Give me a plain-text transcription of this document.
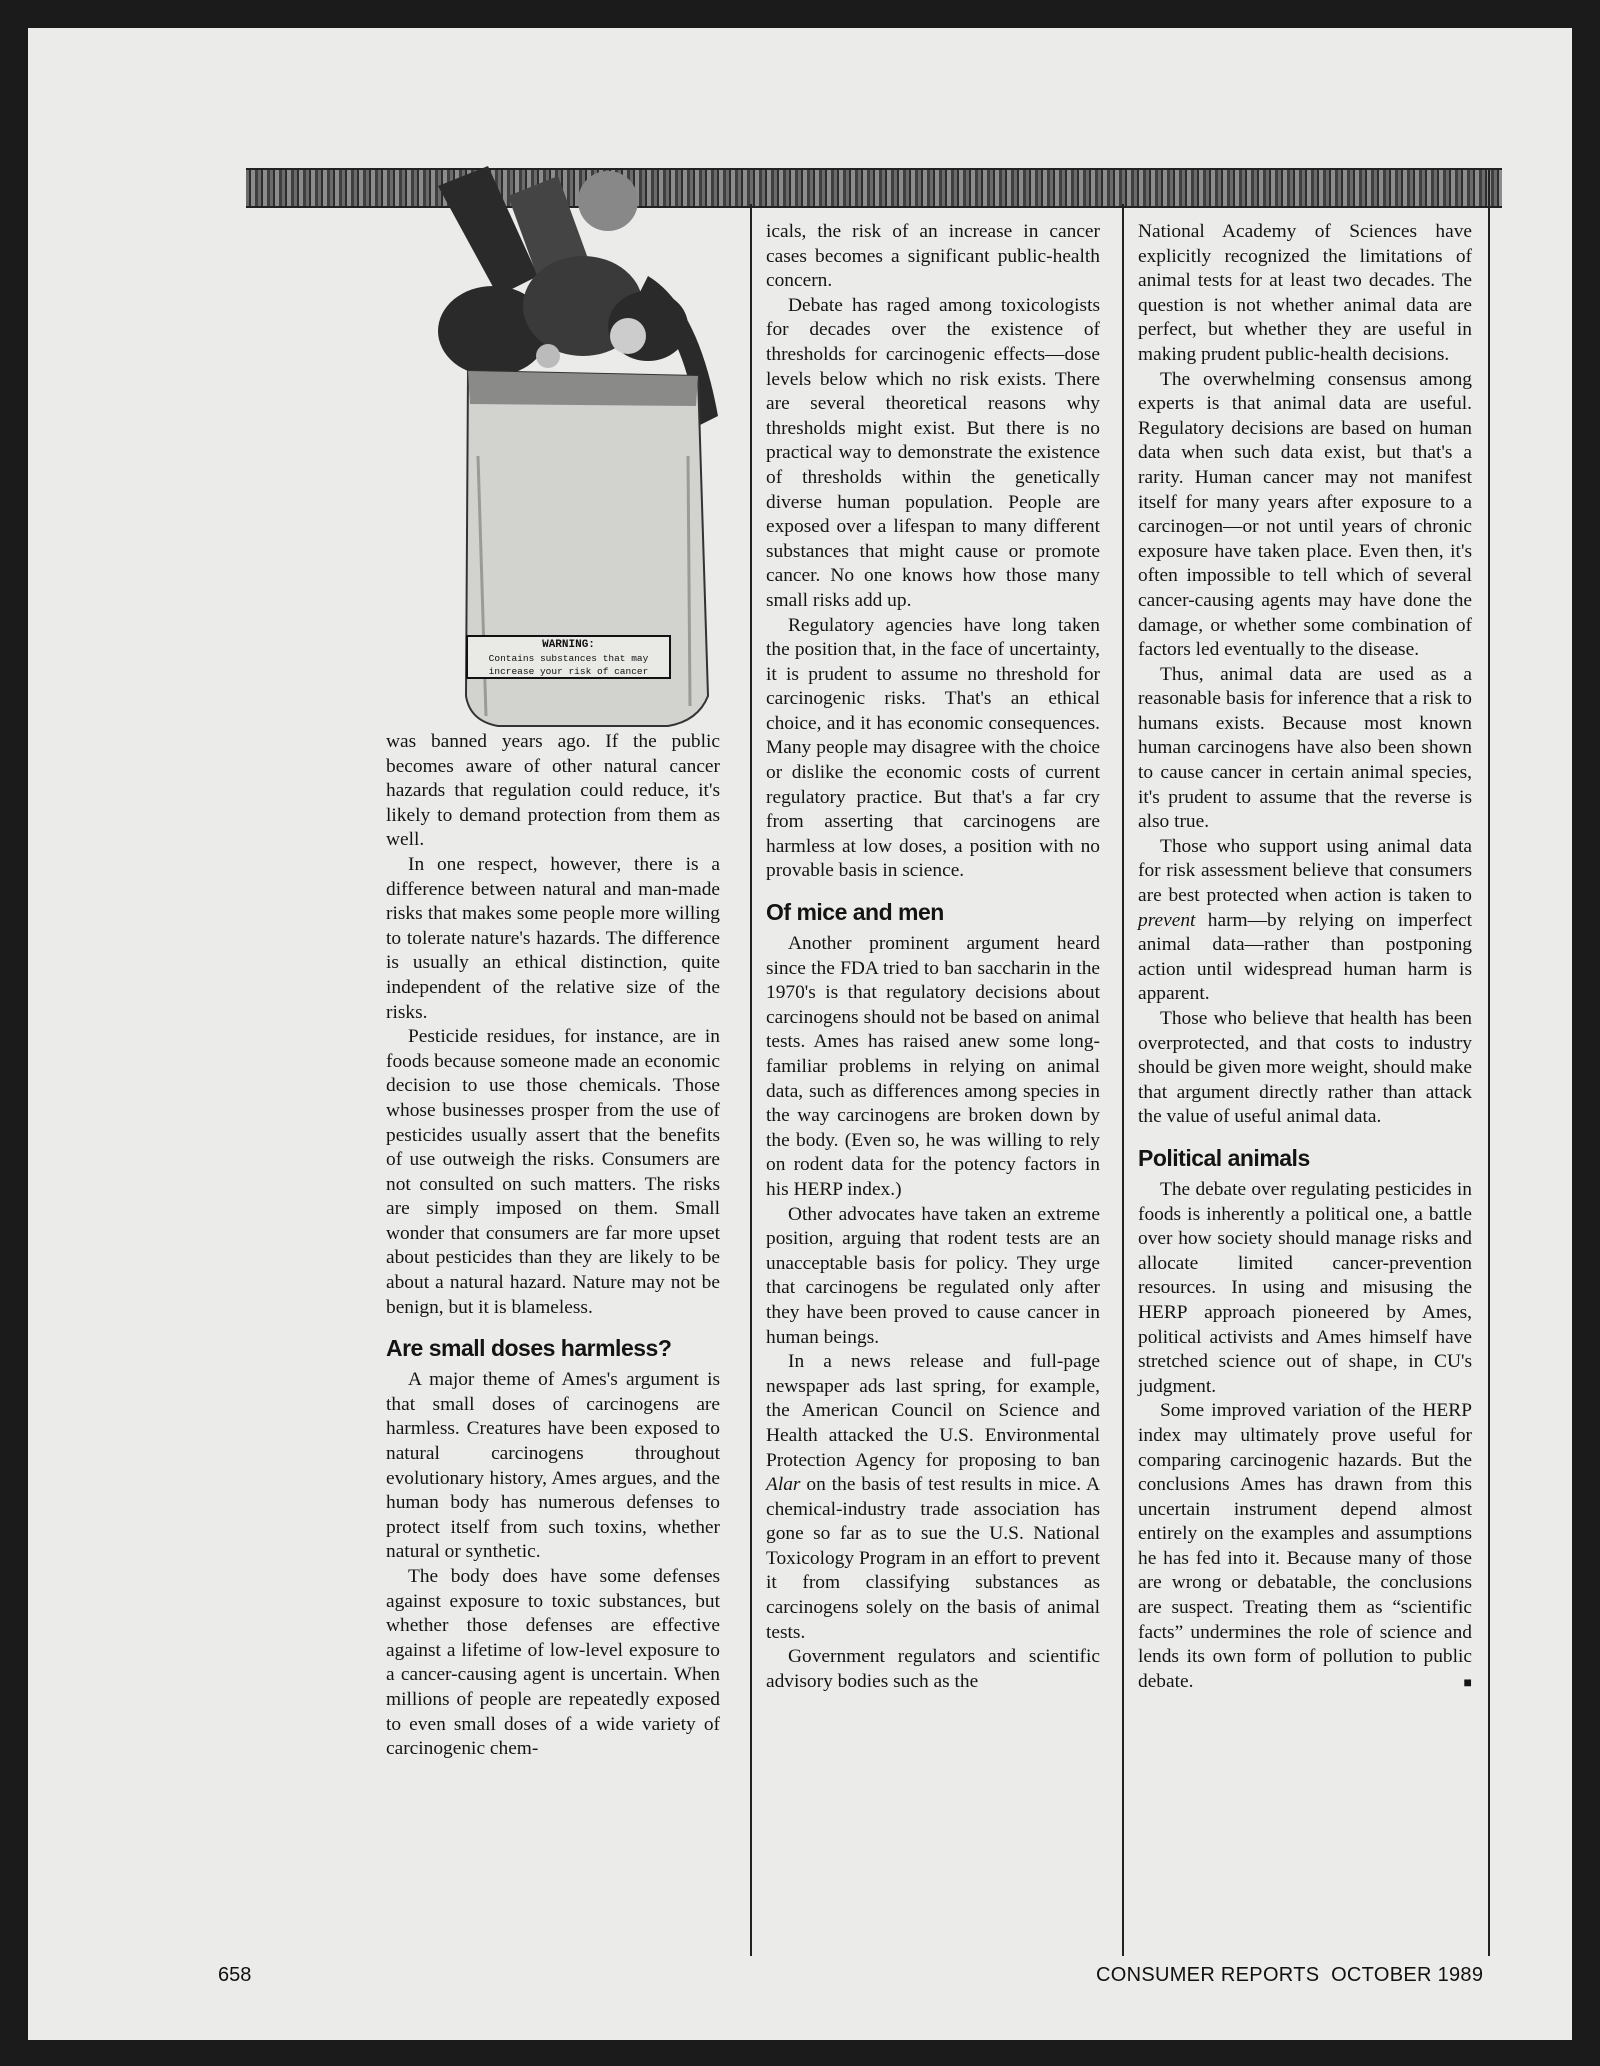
WARNING:
Contains substances that may increase your risk of cancer

was banned years ago. If the public becomes aware of other natural cancer hazards that regulation could reduce, it's likely to demand protection from them as well.

In one respect, however, there is a difference between natural and man-made risks that makes some people more willing to tolerate nature's hazards. The difference is usually an ethical distinction, quite independent of the relative size of the risks.

Pesticide residues, for instance, are in foods because someone made an economic decision to use those chemicals. Those whose businesses prosper from the use of pesticides usually assert that the benefits of use outweigh the risks. Consumers are not consulted on such matters. The risks are simply imposed on them. Small wonder that consumers are far more upset about pesticides than they are likely to be about a natural hazard. Nature may not be benign, but it is blameless.

Are small doses harmless?

A major theme of Ames's argument is that small doses of carcinogens are harmless. Creatures have been exposed to natural carcinogens throughout evolutionary history, Ames argues, and the human body has numerous defenses to protect itself from such toxins, whether natural or synthetic.

The body does have some defenses against exposure to toxic substances, but whether those defenses are effective against a lifetime of low-level exposure to a cancer-causing agent is uncertain. When millions of people are repeatedly exposed to even small doses of a wide variety of carcinogenic chem-

icals, the risk of an increase in cancer cases becomes a significant public-health concern.

Debate has raged among toxicologists for decades over the existence of thresholds for carcinogenic effects—dose levels below which no risk exists. There are several theoretical reasons why thresholds might exist. But there is no practical way to demonstrate the existence of thresholds within the genetically diverse human population. People are exposed over a lifespan to many different substances that might cause or promote cancer. No one knows how those many small risks add up.

Regulatory agencies have long taken the position that, in the face of uncertainty, it is prudent to assume no threshold for carcinogenic risks. That's an ethical choice, and it has economic consequences. Many people may disagree with the choice or dislike the economic costs of current regulatory practice. But that's a far cry from asserting that carcinogens are harmless at low doses, a position with no provable basis in science.

Of mice and men

Another prominent argument heard since the FDA tried to ban saccharin in the 1970's is that regulatory decisions about carcinogens should not be based on animal tests. Ames has raised anew some long-familiar problems in relying on animal data, such as differences among species in the way carcinogens are broken down by the body. (Even so, he was willing to rely on rodent data for the potency factors in his HERP index.)

Other advocates have taken an extreme position, arguing that rodent tests are an unacceptable basis for policy. They urge that carcinogens be regulated only after they have been proved to cause cancer in human beings.

In a news release and full-page newspaper ads last spring, for example, the American Council on Science and Health attacked the U.S. Environmental Protection Agency for proposing to ban Alar on the basis of test results in mice. A chemical-industry trade association has gone so far as to sue the U.S. National Toxicology Program in an effort to prevent it from classifying substances as carcinogens solely on the basis of animal tests.

Government regulators and scientific advisory bodies such as the

National Academy of Sciences have explicitly recognized the limitations of animal tests for at least two decades. The question is not whether animal data are perfect, but whether they are useful in making prudent public-health decisions.

The overwhelming consensus among experts is that animal data are useful. Regulatory decisions are based on human data when such data exist, but that's a rarity. Human cancer may not manifest itself for many years after exposure to a carcinogen—or not until years of chronic exposure have taken place. Even then, it's often impossible to tell which of several cancer-causing agents may have done the damage, or whether some combination of factors led eventually to the disease.

Thus, animal data are used as a reasonable basis for inference that a risk to humans exists. Because most known human carcinogens have also been shown to cause cancer in certain animal species, it's prudent to assume that the reverse is also true.

Those who support using animal data for risk assessment believe that consumers are best protected when action is taken to prevent harm—by relying on imperfect animal data—rather than postponing action until widespread human harm is apparent.

Those who believe that health has been overprotected, and that costs to industry should be given more weight, should make that argument directly rather than attack the value of useful animal data.

Political animals

The debate over regulating pesticides in foods is inherently a political one, a battle over how society should manage risks and allocate limited cancer-prevention resources. In using and misusing the HERP approach pioneered by Ames, political activists and Ames himself have stretched science out of shape, in CU's judgment.

Some improved variation of the HERP index may ultimately prove useful for comparing carcinogenic hazards. But the conclusions Ames has drawn from this uncertain instrument depend almost entirely on the examples and assumptions he has fed into it. Because many of those are wrong or debatable, the conclusions are suspect. Treating them as “scientific facts” undermines the role of science and lends its own form of pollution to public debate. ■

658	CONSUMER REPORTS OCTOBER 1989
